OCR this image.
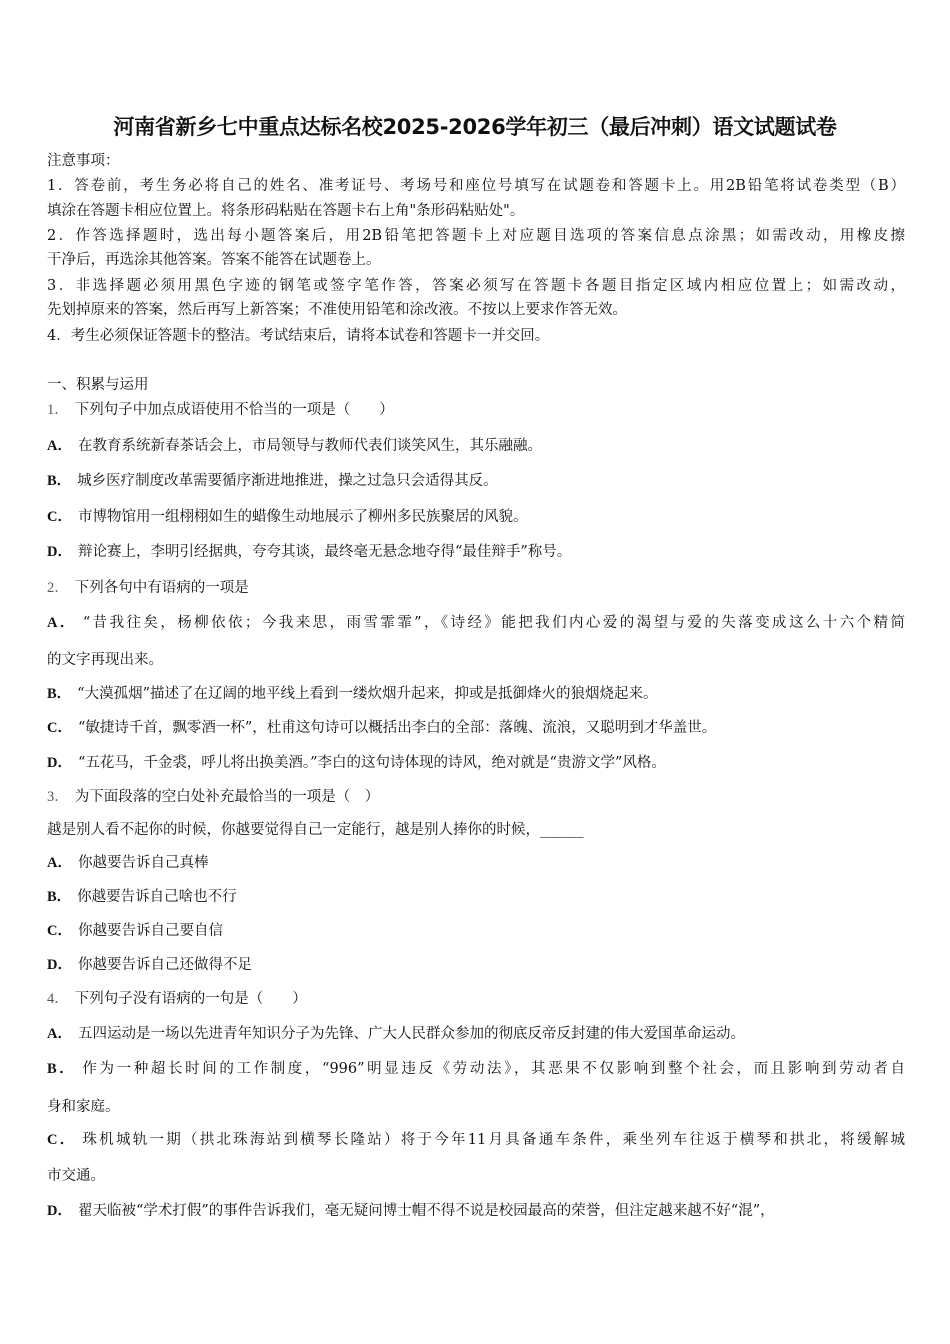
河南省新乡七中重点达标名校2025-2026学年初三（最后冲刺）语文试题试卷
注意事项：
1．答卷前，考生务必将自己的姓名、准考证号、考场号和座位号填写在试题卷和答题卡上。用2B铅笔将试卷类型（B）
填涂在答题卡相应位置上。将条形码粘贴在答题卡右上角"条形码粘贴处"。
2．作答选择题时，选出每小题答案后，用2B铅笔把答题卡上对应题目选项的答案信息点涂黑；如需改动，用橡皮擦
干净后，再选涂其他答案。答案不能答在试题卷上。
3．非选择题必须用黑色字迹的钢笔或签字笔作答，答案必须写在答题卡各题目指定区域内相应位置上；如需改动，
先划掉原来的答案，然后再写上新答案；不准使用铅笔和涂改液。不按以上要求作答无效。
4．考生必须保证答题卡的整洁。考试结束后，请将本试卷和答题卡一并交回。
一、积累与运用
1． 下列句子中加点成语使用不恰当的一项是（　　）
A． 在教育系统新春茶话会上，市局领导与教师代表们谈笑风生，其乐融融。
B． 城乡医疗制度改革需要循序渐进地推进，操之过急只会适得其反。
C． 市博物馆用一组栩栩如生的蜡像生动地展示了柳州多民族聚居的风貌。
D． 辩论赛上，李明引经据典，夸夸其谈，最终毫无悬念地夺得“最佳辩手”称号。
2． 下列各句中有语病的一项是
A． “昔我往矣，杨柳依依；今我来思，雨雪霏霏”，《诗经》能把我们内心爱的渴望与爱的失落变成这么十六个精简
的文字再现出来。
B． “大漠孤烟”描述了在辽阔的地平线上看到一缕炊烟升起来，抑或是抵御烽火的狼烟烧起来。
C． “敏捷诗千首，飘零酒一杯”，杜甫这句诗可以概括出李白的全部：落魄、流浪，又聪明到才华盖世。
D． “五花马，千金裘，呼儿将出换美酒。”李白的这句诗体现的诗风，绝对就是“贵游文学”风格。
3． 为下面段落的空白处补充最恰当的一项是（　）
越是别人看不起你的时候，你越要觉得自己一定能行，越是别人捧你的时候，______
A． 你越要告诉自己真棒
B． 你越要告诉自己啥也不行
C． 你越要告诉自己要自信
D． 你越要告诉自己还做得不足
4． 下列句子没有语病的一句是（　　）
A． 五四运动是一场以先进青年知识分子为先锋、广大人民群众参加的彻底反帝反封建的伟大爱国革命运动。
B． 作为一种超长时间的工作制度，“996”明显违反《劳动法》，其恶果不仅影响到整个社会，而且影响到劳动者自
身和家庭。
C． 珠机城轨一期（拱北珠海站到横琴长隆站）将于今年11月具备通车条件，乘坐列车往返于横琴和拱北，将缓解城
市交通。
D． 翟天临被“学术打假”的事件告诉我们，毫无疑问博士帽不得不说是校园最高的荣誉，但注定越来越不好“混”，
